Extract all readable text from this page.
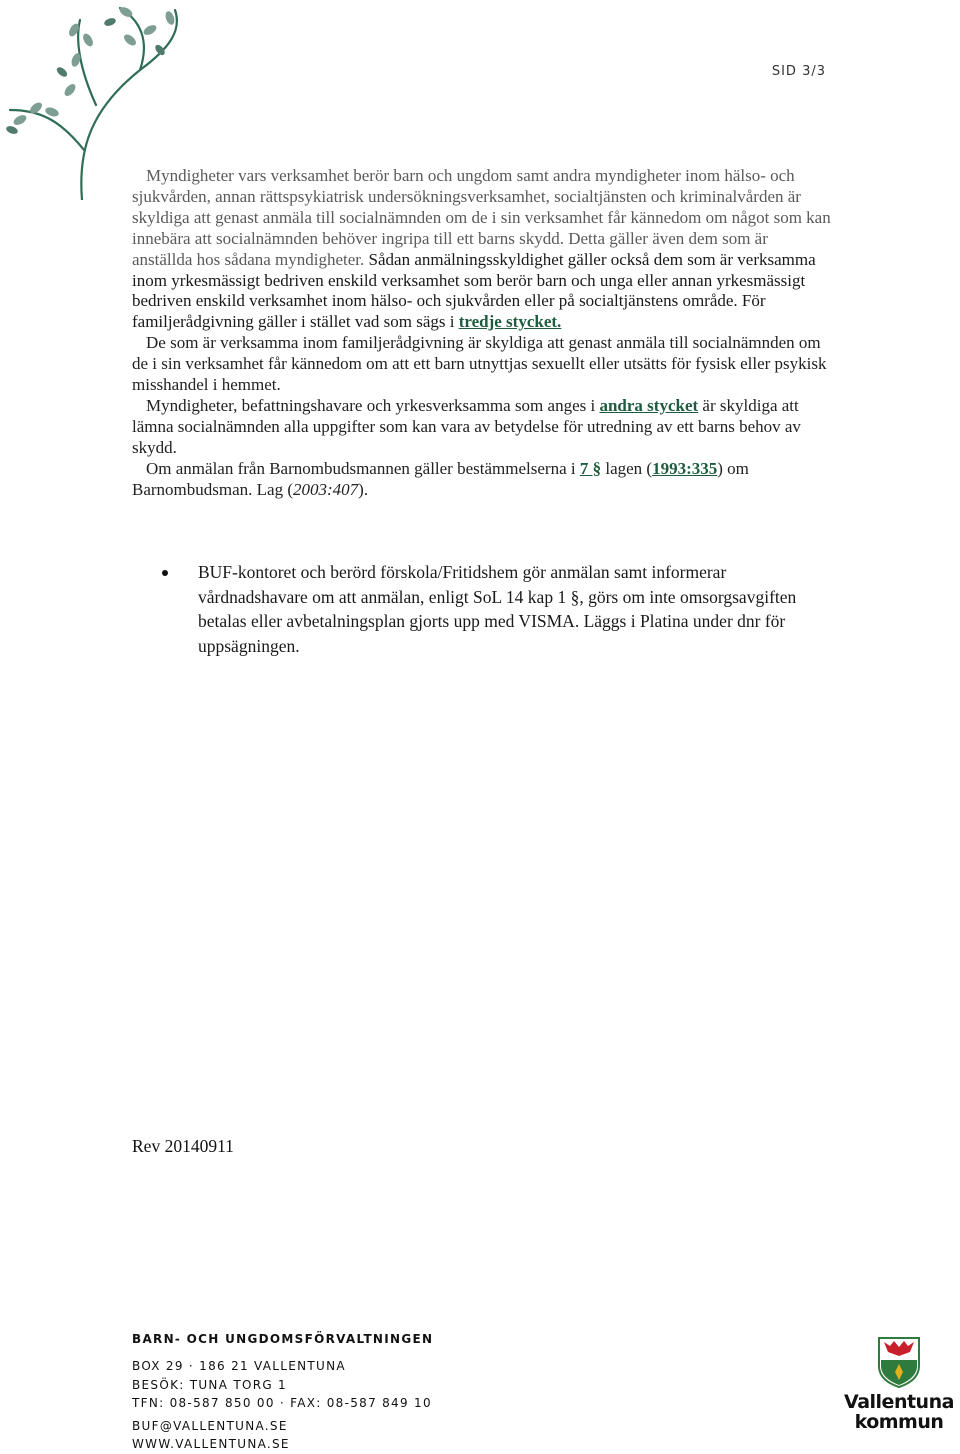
SID 3/3

Myndigheter vars verksamhet berör barn och ungdom samt andra myndigheter inom hälso- och sjukvården, annan rättspsykiatrisk undersökningsverksamhet, socialtjänsten och kriminalvården är skyldiga att genast anmäla till socialnämnden om de i sin verksamhet får kännedom om något som kan innebära att socialnämnden behöver ingripa till ett barns skydd. Detta gäller även dem som är anställda hos sådana myndigheter. Sådan anmälningsskyldighet gäller också dem som är verksamma inom yrkesmässigt bedriven enskild verksamhet som berör barn och unga eller annan yrkesmässigt bedriven enskild verksamhet inom hälso- och sjukvården eller på socialtjänstens område. För familjerådgivning gäller i stället vad som sägs i tredje stycket.

De som är verksamma inom familjerådgivning är skyldiga att genast anmäla till socialnämnden om de i sin verksamhet får kännedom om att ett barn utnyttjas sexuellt eller utsätts för fysisk eller psykisk misshandel i hemmet.

Myndigheter, befattningshavare och yrkesverksamma som anges i andra stycket är skyldiga att lämna socialnämnden alla uppgifter som kan vara av betydelse för utredning av ett barns behov av skydd.

Om anmälan från Barnombudsmannen gäller bestämmelserna i 7 § lagen (1993:335) om Barnombudsman. Lag (2003:407).

BUF-kontoret och berörd förskola/Fritidshem gör anmälan samt informerar vårdnadshavare om att anmälan, enligt SoL 14 kap 1 §, görs om inte omsorgsavgiften betalas eller avbetalningsplan gjorts upp med VISMA. Läggs i Platina under dnr för uppsägningen.
Rev 20140911
BARN- OCH UNGDOMSFÖRVALTNINGEN
BOX 29 · 186 21 VALLENTUNA
BESÖK: TUNA TORG 1
TFN: 08-587 850 00 · FAX: 08-587 849 10
BUF@VALLENTUNA.SE
WWW.VALLENTUNA.SE
Vallentuna
kommun
